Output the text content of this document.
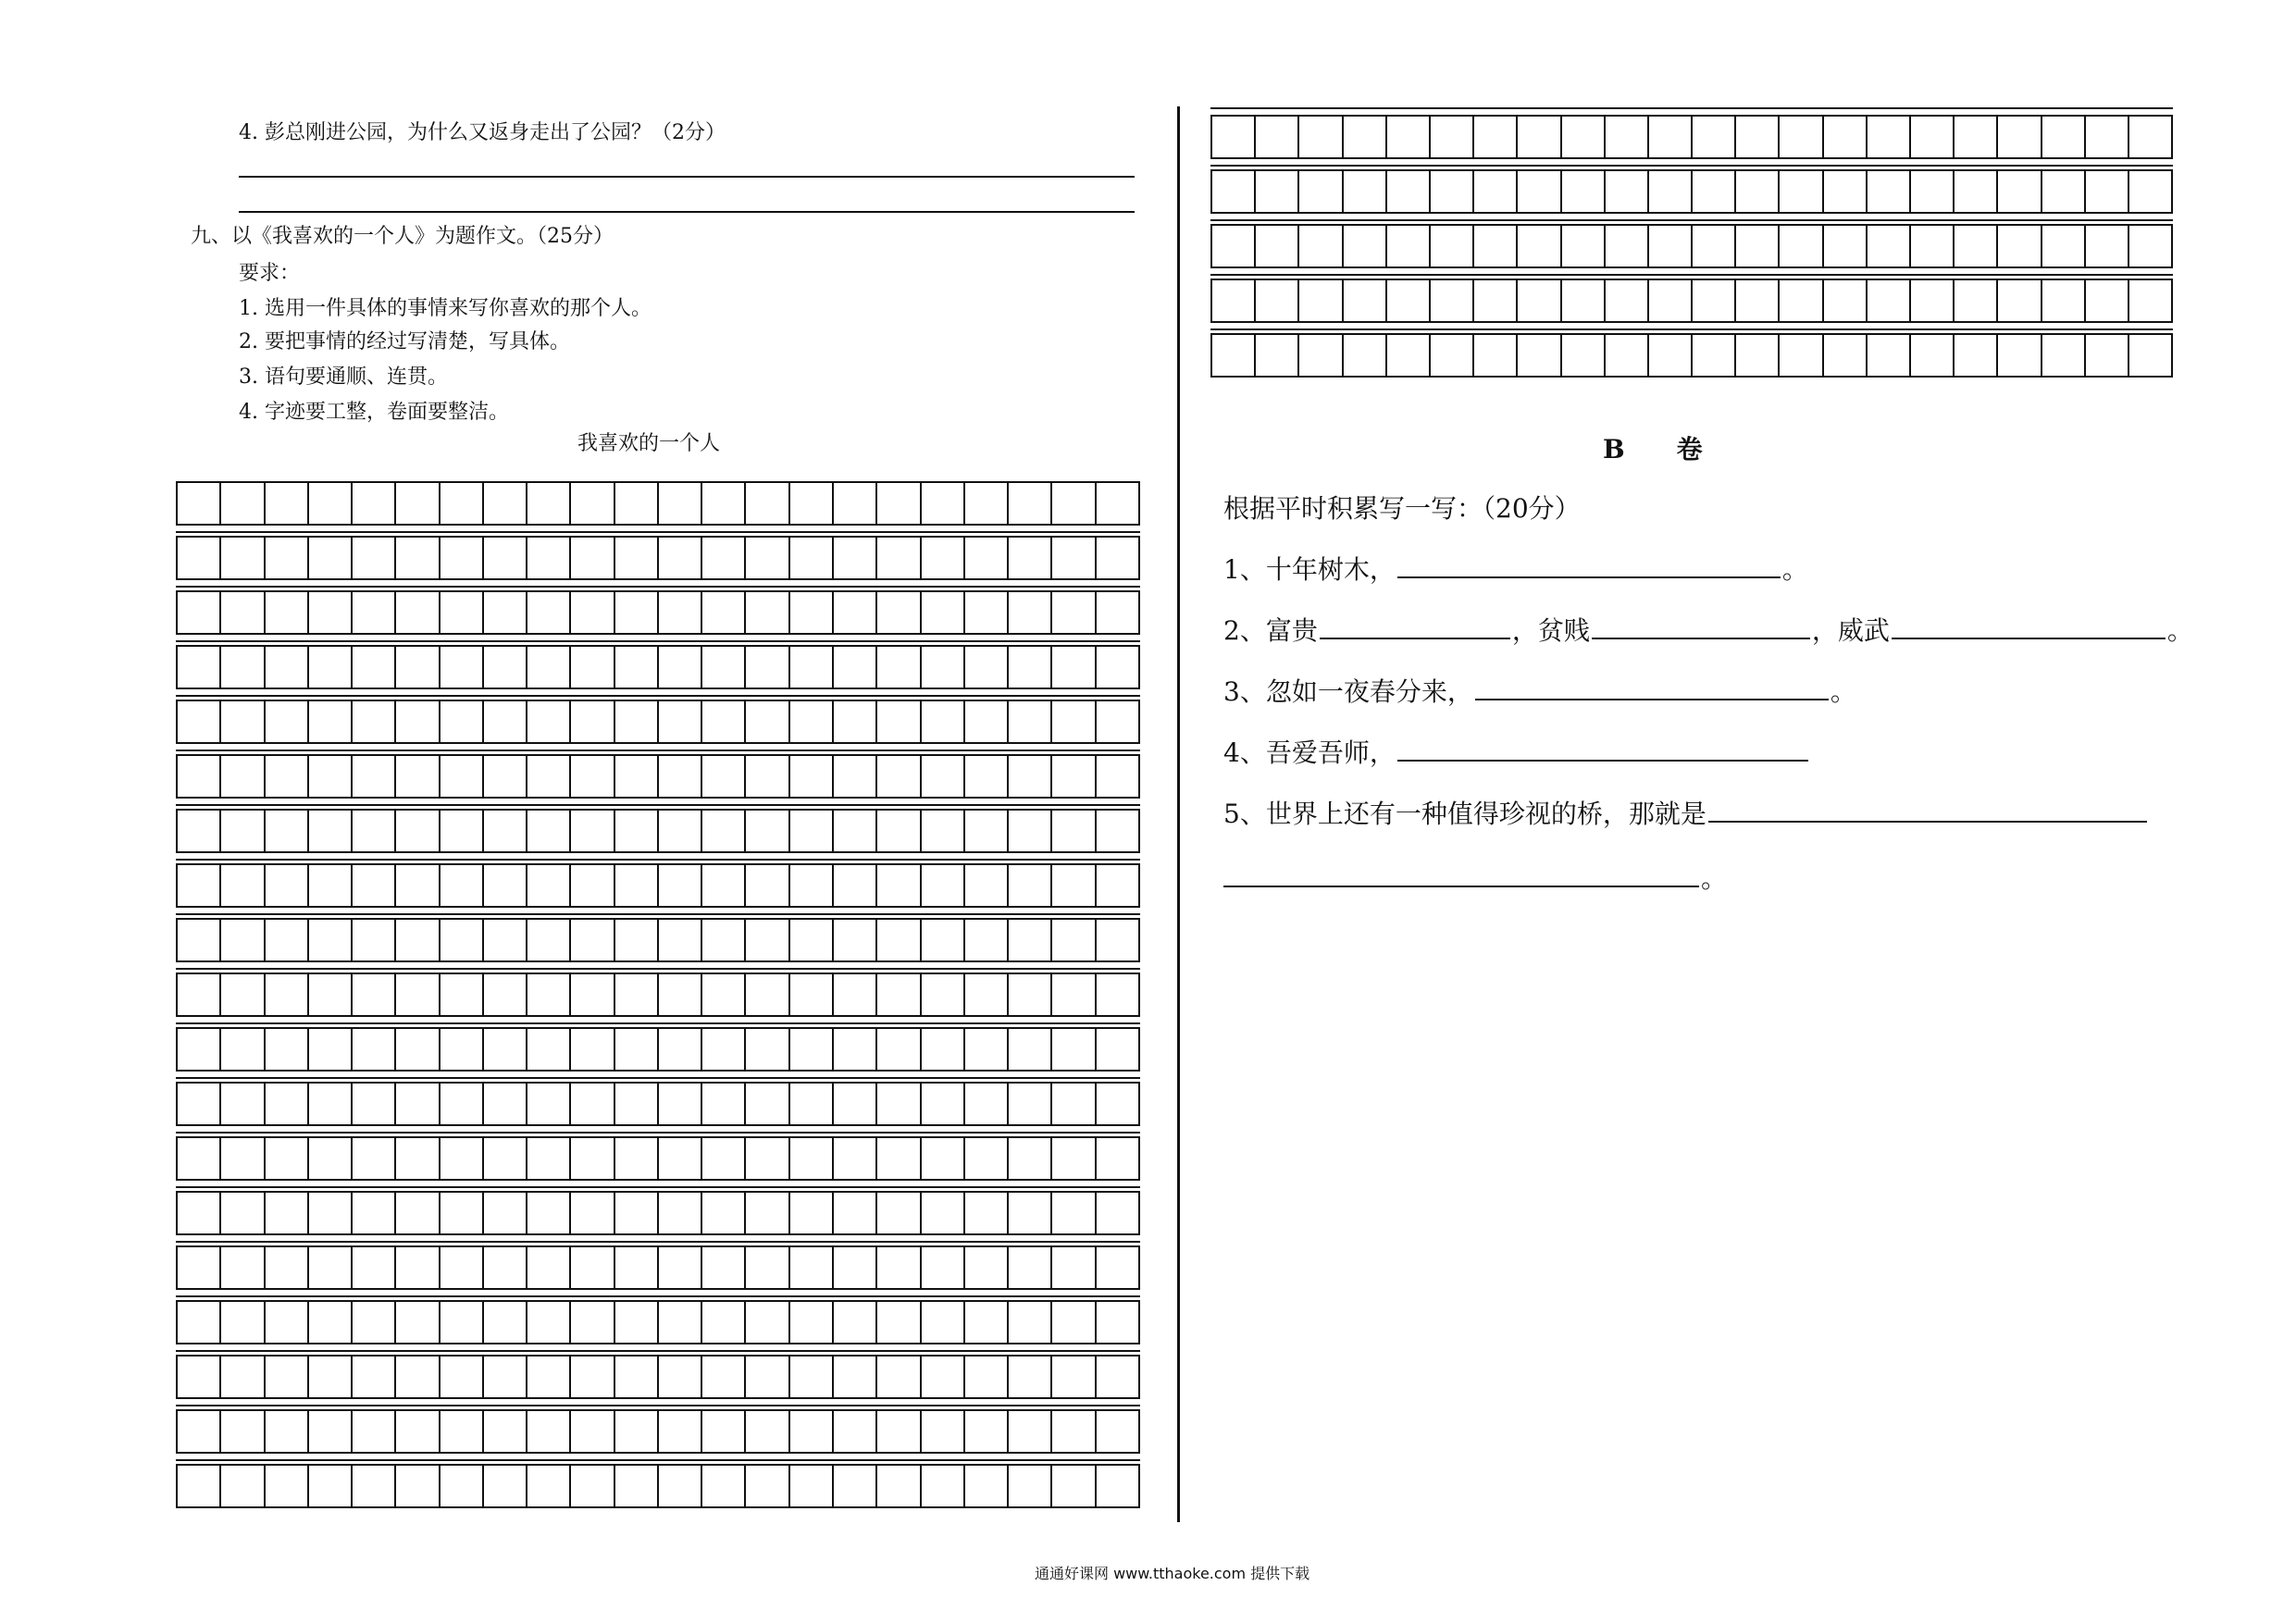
4. 彭总刚进公园，为什么又返身走出了公园？（2分）
九、以《我喜欢的一个人》为题作文。（25分）
要求：
1. 选用一件具体的事情来写你喜欢的那个人。
2. 要把事情的经过写清楚，写具体。
3. 语句要通顺、连贯。
4. 字迹要工整，卷面要整洁。
我喜欢的一个人	B　　卷
根据平时积累写一写：（20分）
1、十年树木，	。
2、富贵	，贫贱	，威武	。
3、忽如一夜春分来，	。
4、吾爱吾师，
5、世界上还有一种值得珍视的桥，那就是
。
通通好课网 www.tthaoke.com 提供下载
